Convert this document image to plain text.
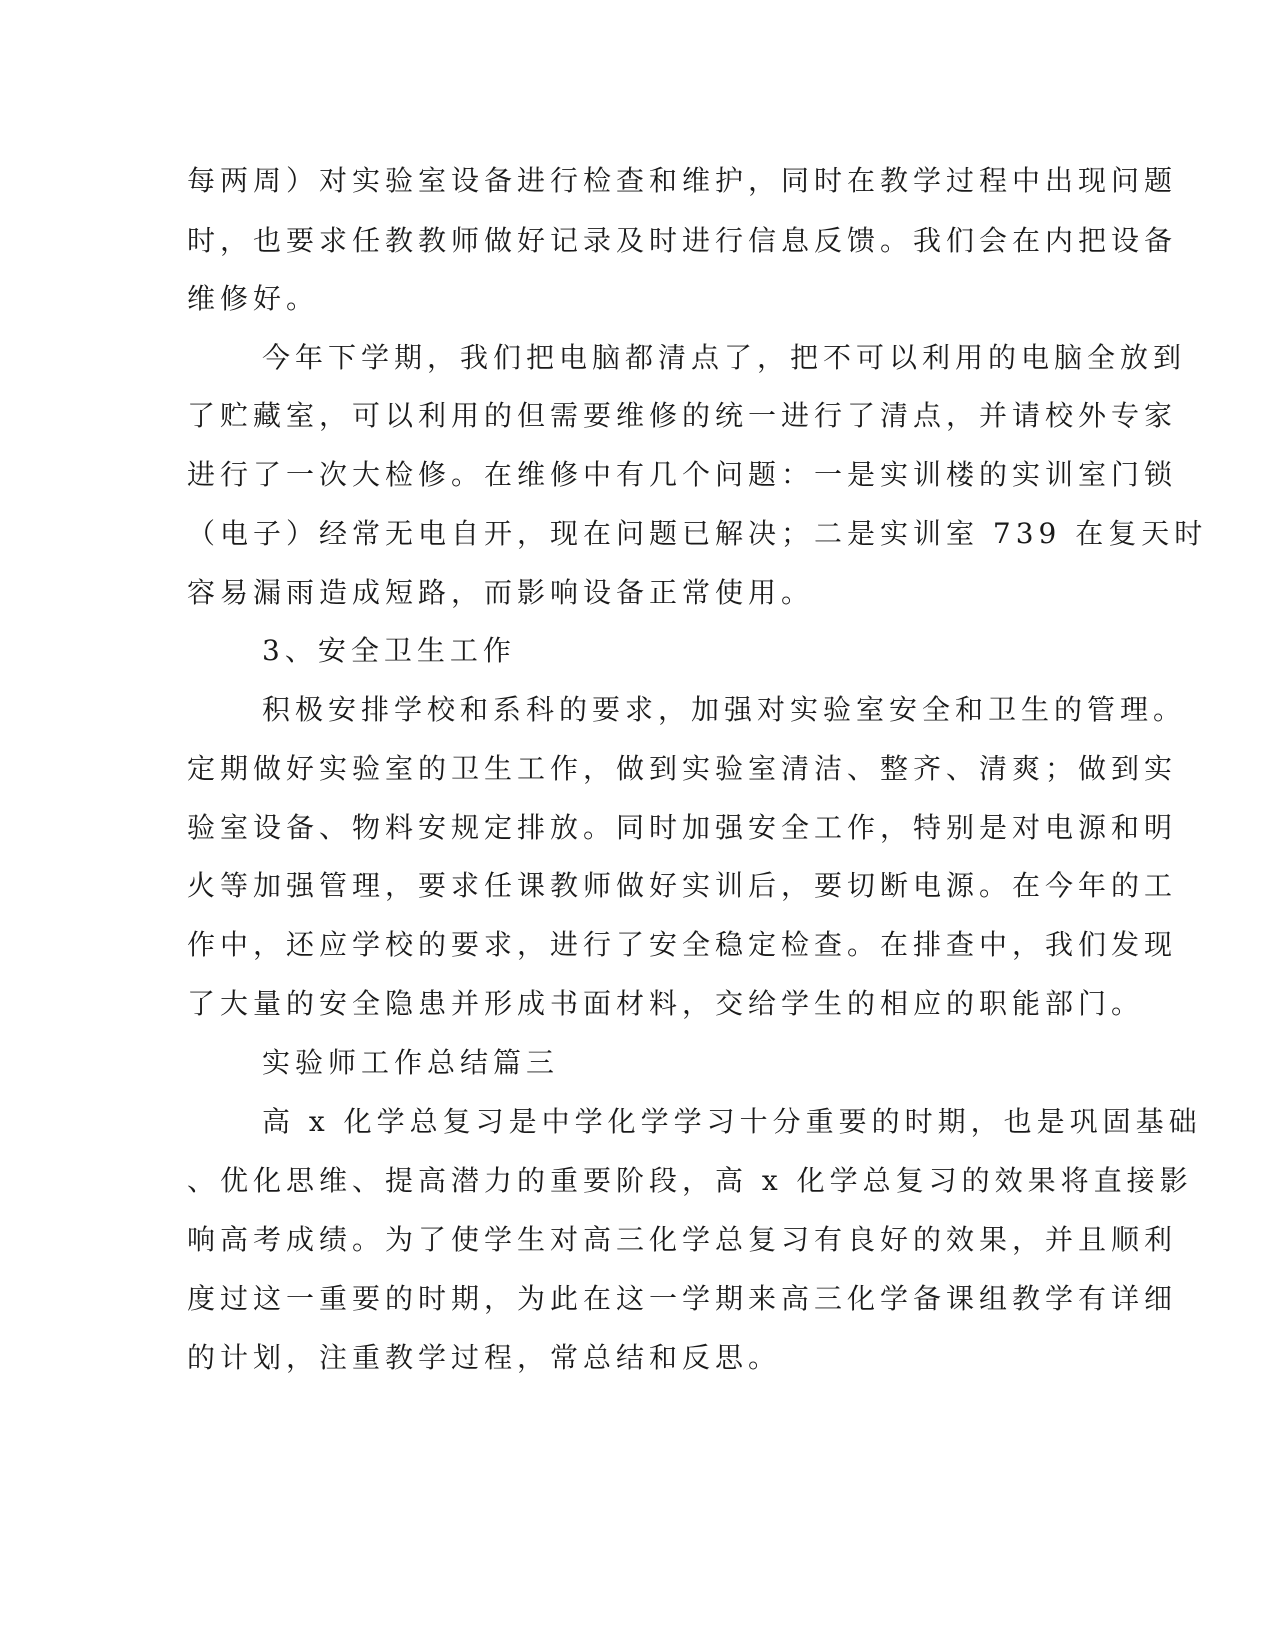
每两周）对实验室设备进行检查和维护，同时在教学过程中出现问题
时，也要求任教教师做好记录及时进行信息反馈。我们会在内把设备
维修好。
今年下学期，我们把电脑都清点了，把不可以利用的电脑全放到
了贮藏室，可以利用的但需要维修的统一进行了清点，并请校外专家
进行了一次大检修。在维修中有几个问题：一是实训楼的实训室门锁
（电子）经常无电自开，现在问题已解决；二是实训室 739 在复天时
容易漏雨造成短路，而影响设备正常使用。
3、安全卫生工作
积极安排学校和系科的要求，加强对实验室安全和卫生的管理。
定期做好实验室的卫生工作，做到实验室清洁、整齐、清爽；做到实
验室设备、物料安规定排放。同时加强安全工作，特别是对电源和明
火等加强管理，要求任课教师做好实训后，要切断电源。在今年的工
作中，还应学校的要求，进行了安全稳定检查。在排查中，我们发现
了大量的安全隐患并形成书面材料，交给学生的相应的职能部门。
实验师工作总结篇三
高 x 化学总复习是中学化学学习十分重要的时期，也是巩固基础
、优化思维、提高潜力的重要阶段，高 x 化学总复习的效果将直接影
响高考成绩。为了使学生对高三化学总复习有良好的效果，并且顺利
度过这一重要的时期，为此在这一学期来高三化学备课组教学有详细
的计划，注重教学过程，常总结和反思。
